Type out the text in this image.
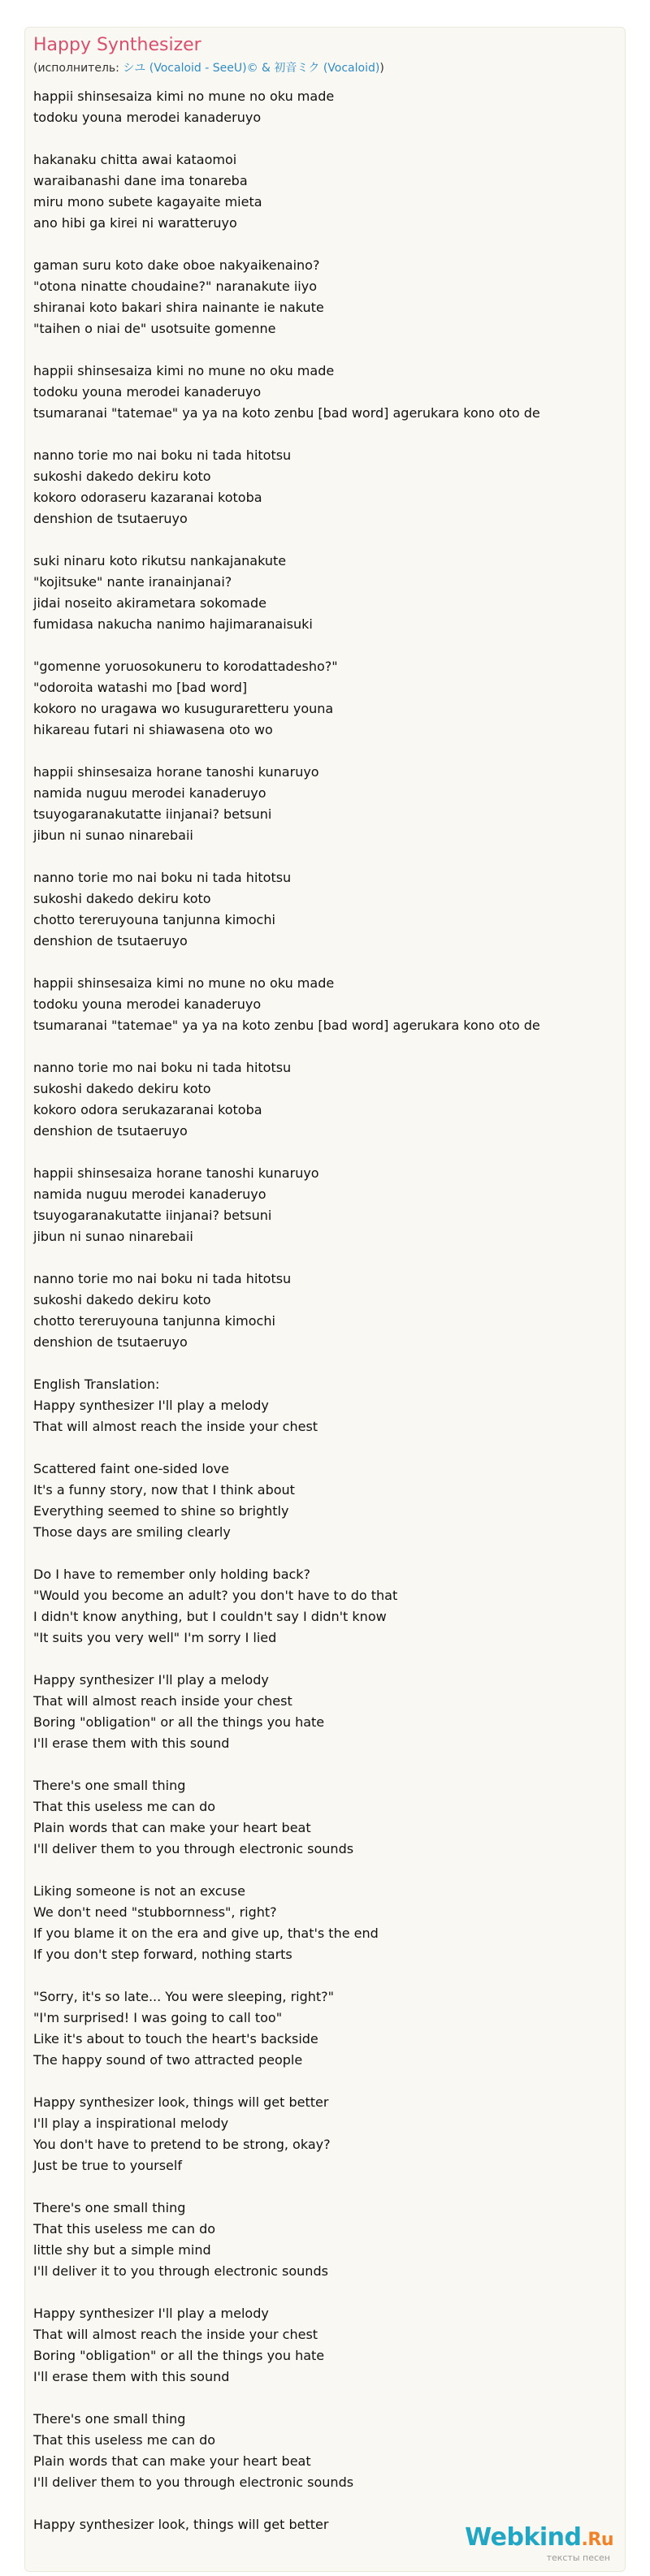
Happy Synthesizer
(исполнитель: シユ (Vocaloid - SeeU)© & 初音ミク (Vocaloid))
happii shinsesaiza kimi no mune no oku made
todoku youna merodei kanaderuyo
hakanaku chitta awai kataomoi
waraibanashi dane ima tonareba
miru mono subete kagayaite mieta
ano hibi ga kirei ni waratteruyo
gaman suru koto dake oboe nakyaikenaino?
"otona ninatte choudaine?" naranakute iiyo
shiranai koto bakari shira nainante ie nakute
"taihen o niai de" usotsuite gomenne
happii shinsesaiza kimi no mune no oku made
todoku youna merodei kanaderuyo
tsumaranai "tatemae" ya ya na koto zenbu [bad word] agerukara kono oto de
nanno torie mo nai boku ni tada hitotsu
sukoshi dakedo dekiru koto
kokoro odoraseru kazaranai kotoba
denshion de tsutaeruyo
suki ninaru koto rikutsu nankajanakute
"kojitsuke" nante iranainjanai?
jidai noseito akirametara sokomade
fumidasa nakucha nanimo hajimaranaisuki
"gomenne yoruosokuneru to korodattadesho?"
"odoroita watashi mo [bad word]
kokoro no uragawa wo kusuguraretteru youna
hikareau futari ni shiawasena oto wo
happii shinsesaiza horane tanoshi kunaruyo
namida nuguu merodei kanaderuyo
tsuyogaranakutatte iinjanai? betsuni
jibun ni sunao ninarebaii
nanno torie mo nai boku ni tada hitotsu
sukoshi dakedo dekiru koto
chotto tereruyouna tanjunna kimochi
denshion de tsutaeruyo
happii shinsesaiza kimi no mune no oku made
todoku youna merodei kanaderuyo
tsumaranai "tatemae" ya ya na koto zenbu [bad word] agerukara kono oto de
nanno torie mo nai boku ni tada hitotsu
sukoshi dakedo dekiru koto
kokoro odora serukazaranai kotoba
denshion de tsutaeruyo
happii shinsesaiza horane tanoshi kunaruyo
namida nuguu merodei kanaderuyo
tsuyogaranakutatte iinjanai? betsuni
jibun ni sunao ninarebaii
nanno torie mo nai boku ni tada hitotsu
sukoshi dakedo dekiru koto
chotto tereruyouna tanjunna kimochi
denshion de tsutaeruyo
English Translation:
Happy synthesizer I'll play a melody
That will almost reach the inside your chest
Scattered faint one-sided love
It's a funny story, now that I think about
Everything seemed to shine so brightly
Those days are smiling clearly
Do I have to remember only holding back?
"Would you become an adult? you don't have to do that
I didn't know anything, but I couldn't say I didn't know
"It suits you very well" I'm sorry I lied
Happy synthesizer I'll play a melody
That will almost reach inside your chest
Boring "obligation" or all the things you hate
I'll erase them with this sound
There's one small thing
That this useless me can do
Plain words that can make your heart beat
I'll deliver them to you through electronic sounds
Liking someone is not an excuse
We don't need "stubbornness", right?
If you blame it on the era and give up, that's the end
If you don't step forward, nothing starts
"Sorry, it's so late... You were sleeping, right?"
"I'm surprised! I was going to call too"
Like it's about to touch the heart's backside
The happy sound of two attracted people
Happy synthesizer look, things will get better
I'll play a inspirational melody
You don't have to pretend to be strong, okay?
Just be true to yourself
There's one small thing
That this useless me can do
little shy but a simple mind
I'll deliver it to you through electronic sounds
Happy synthesizer I'll play a melody
That will almost reach the inside your chest
Boring "obligation" or all the things you hate
I'll erase them with this sound
There's one small thing
That this useless me can do
Plain words that can make your heart beat
I'll deliver them to you through electronic sounds
Happy synthesizer look, things will get better	Webkind.Ru
тексты песен
